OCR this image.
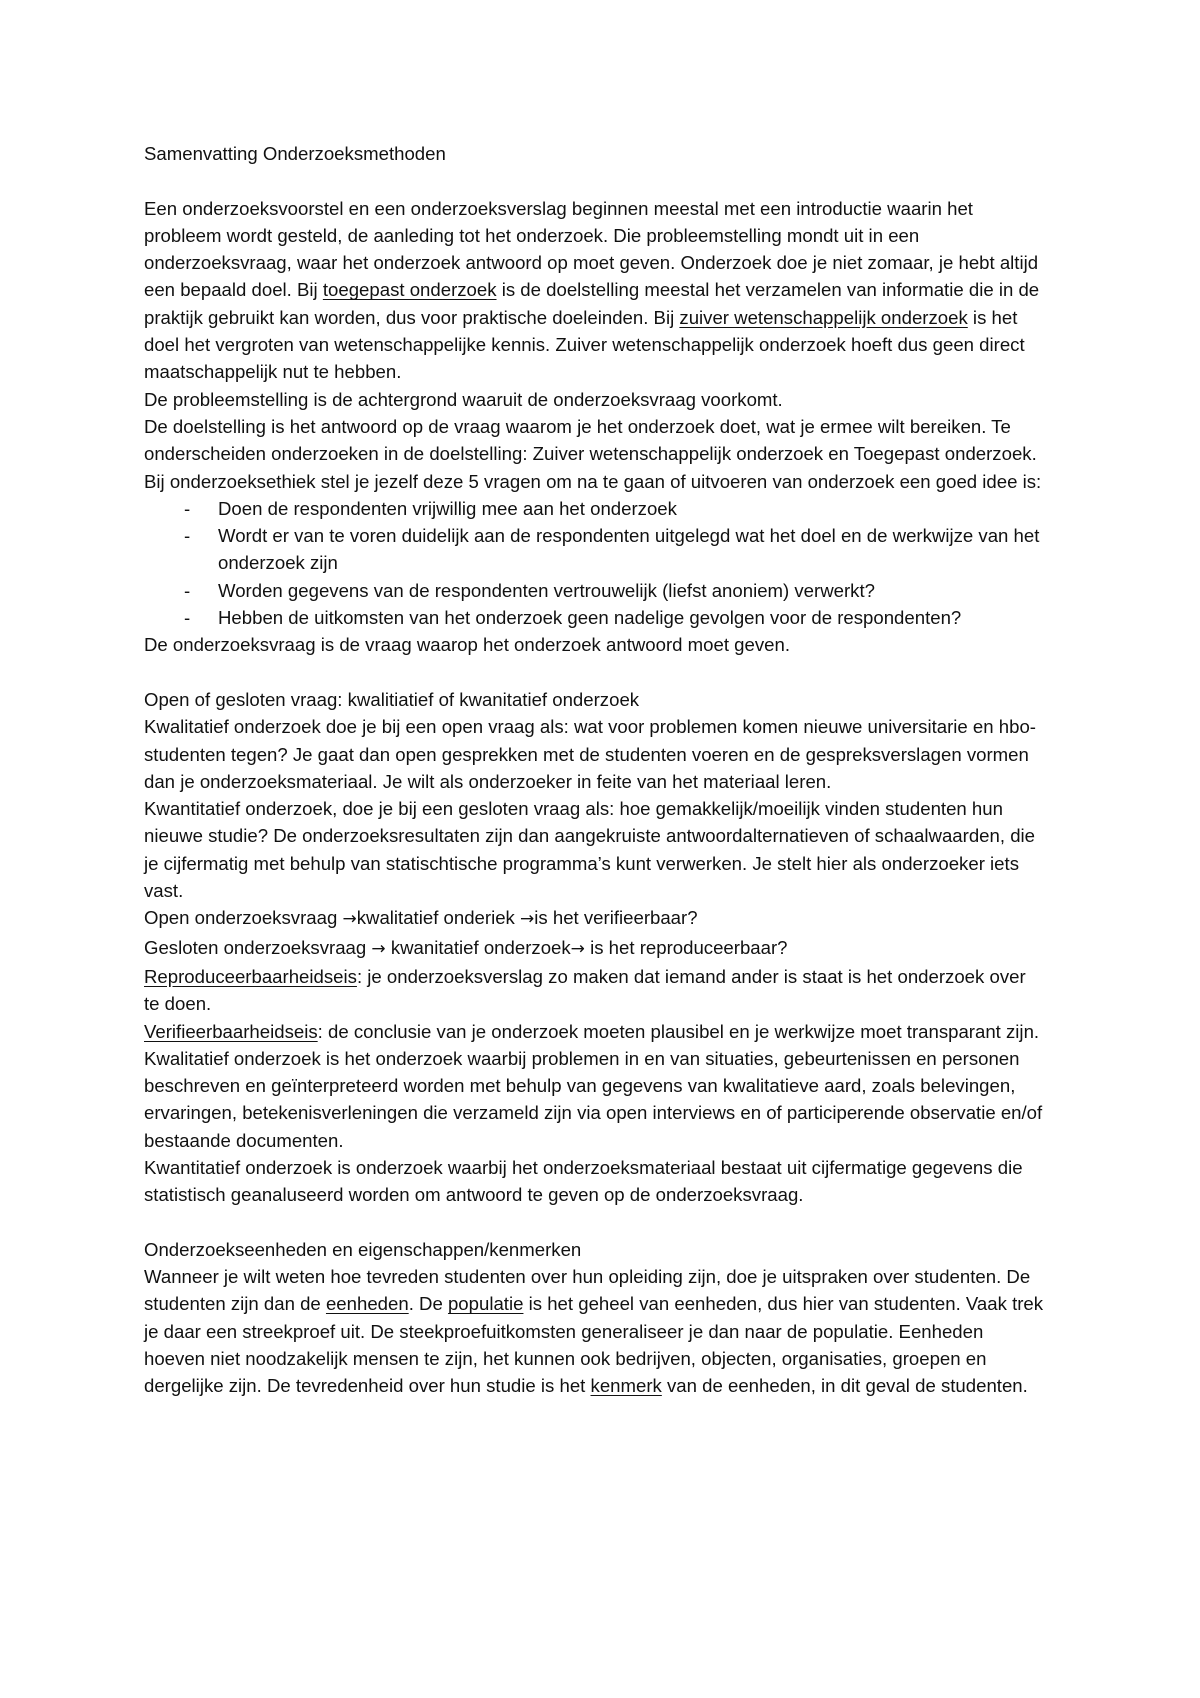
Samenvatting Onderzoeksmethoden

Een onderzoeksvoorstel en een onderzoeksverslag beginnen meestal met een introductie waarin het probleem wordt gesteld, de aanleding tot het onderzoek. Die probleemstelling mondt uit in een onderzoeksvraag, waar het onderzoek antwoord op moet geven. Onderzoek doe je niet zomaar, je hebt altijd een bepaald doel. Bij toegepast onderzoek is de doelstelling meestal het verzamelen van informatie die in de praktijk gebruikt kan worden, dus voor praktische doeleinden. Bij zuiver wetenschappelijk onderzoek is het doel het vergroten van wetenschappelijke kennis. Zuiver wetenschappelijk onderzoek hoeft dus geen direct maatschappelijk nut te hebben.

De probleemstelling is de achtergrond waaruit de onderzoeksvraag voorkomt.

De doelstelling is het antwoord op de vraag waarom je het onderzoek doet, wat je ermee wilt bereiken. Te onderscheiden onderzoeken in de doelstelling: Zuiver wetenschappelijk onderzoek en Toegepast onderzoek.

Bij onderzoeksethiek stel je jezelf deze 5 vragen om na te gaan of uitvoeren van onderzoek een goed idee is:

- Doen de respondenten vrijwillig mee aan het onderzoek
- Wordt er van te voren duidelijk aan de respondenten uitgelegd wat het doel en de werkwijze van het onderzoek zijn
- Worden gegevens van de respondenten vertrouwelijk (liefst anoniem) verwerkt?
- Hebben de uitkomsten van het onderzoek geen nadelige gevolgen voor de respondenten?

De onderzoeksvraag is de vraag waarop het onderzoek antwoord moet geven.

Open of gesloten vraag: kwalitiatief of kwanitatief onderzoek

Kwalitatief onderzoek doe je bij een open vraag als: wat voor problemen komen nieuwe universitarie en hbo-studenten tegen? Je gaat dan open gesprekken met de studenten voeren en de gespreksverslagen vormen dan je onderzoeksmateriaal. Je wilt als onderzoeker in feite van het materiaal leren.

Kwantitatief onderzoek, doe je bij een gesloten vraag als: hoe gemakkelijk/moeilijk vinden studenten hun nieuwe studie? De onderzoeksresultaten zijn dan aangekruiste antwoordalternatieven of schaalwaarden, die je cijfermatig met behulp van statischtische programma’s kunt verwerken. Je stelt hier als onderzoeker iets vast.

Open onderzoeksvraag →kwalitatief onderiek →is het verifieerbaar?

Gesloten onderzoeksvraag → kwanitatief onderzoek→ is het reproduceerbaar?

Reproduceerbaarheidseis: je onderzoeksverslag zo maken dat iemand ander is staat is het onderzoek over te doen.

Verifieerbaarheidseis: de conclusie van je onderzoek moeten plausibel en je werkwijze moet transparant zijn.

Kwalitatief onderzoek is het onderzoek waarbij problemen in en van situaties, gebeurtenissen en personen beschreven en geïnterpreteerd worden met behulp van gegevens van kwalitatieve aard, zoals belevingen, ervaringen, betekenisverleningen die verzameld zijn via open interviews en of participerende observatie en/of bestaande documenten.

Kwantitatief onderzoek is onderzoek waarbij het onderzoeksmateriaal bestaat uit cijfermatige gegevens die statistisch geanaluseerd worden om antwoord te geven op de onderzoeksvraag.

Onderzoekseenheden en eigenschappen/kenmerken

Wanneer je wilt weten hoe tevreden studenten over hun opleiding zijn, doe je uitspraken over studenten. De studenten zijn dan de eenheden. De populatie is het geheel van eenheden, dus hier van studenten. Vaak trek je daar een streekproef uit. De steekproefuitkomsten generaliseer je dan naar de populatie. Eenheden hoeven niet noodzakelijk mensen te zijn, het kunnen ook bedrijven, objecten, organisaties, groepen en dergelijke zijn. De tevredenheid over hun studie is het kenmerk van de eenheden, in dit geval de studenten.
